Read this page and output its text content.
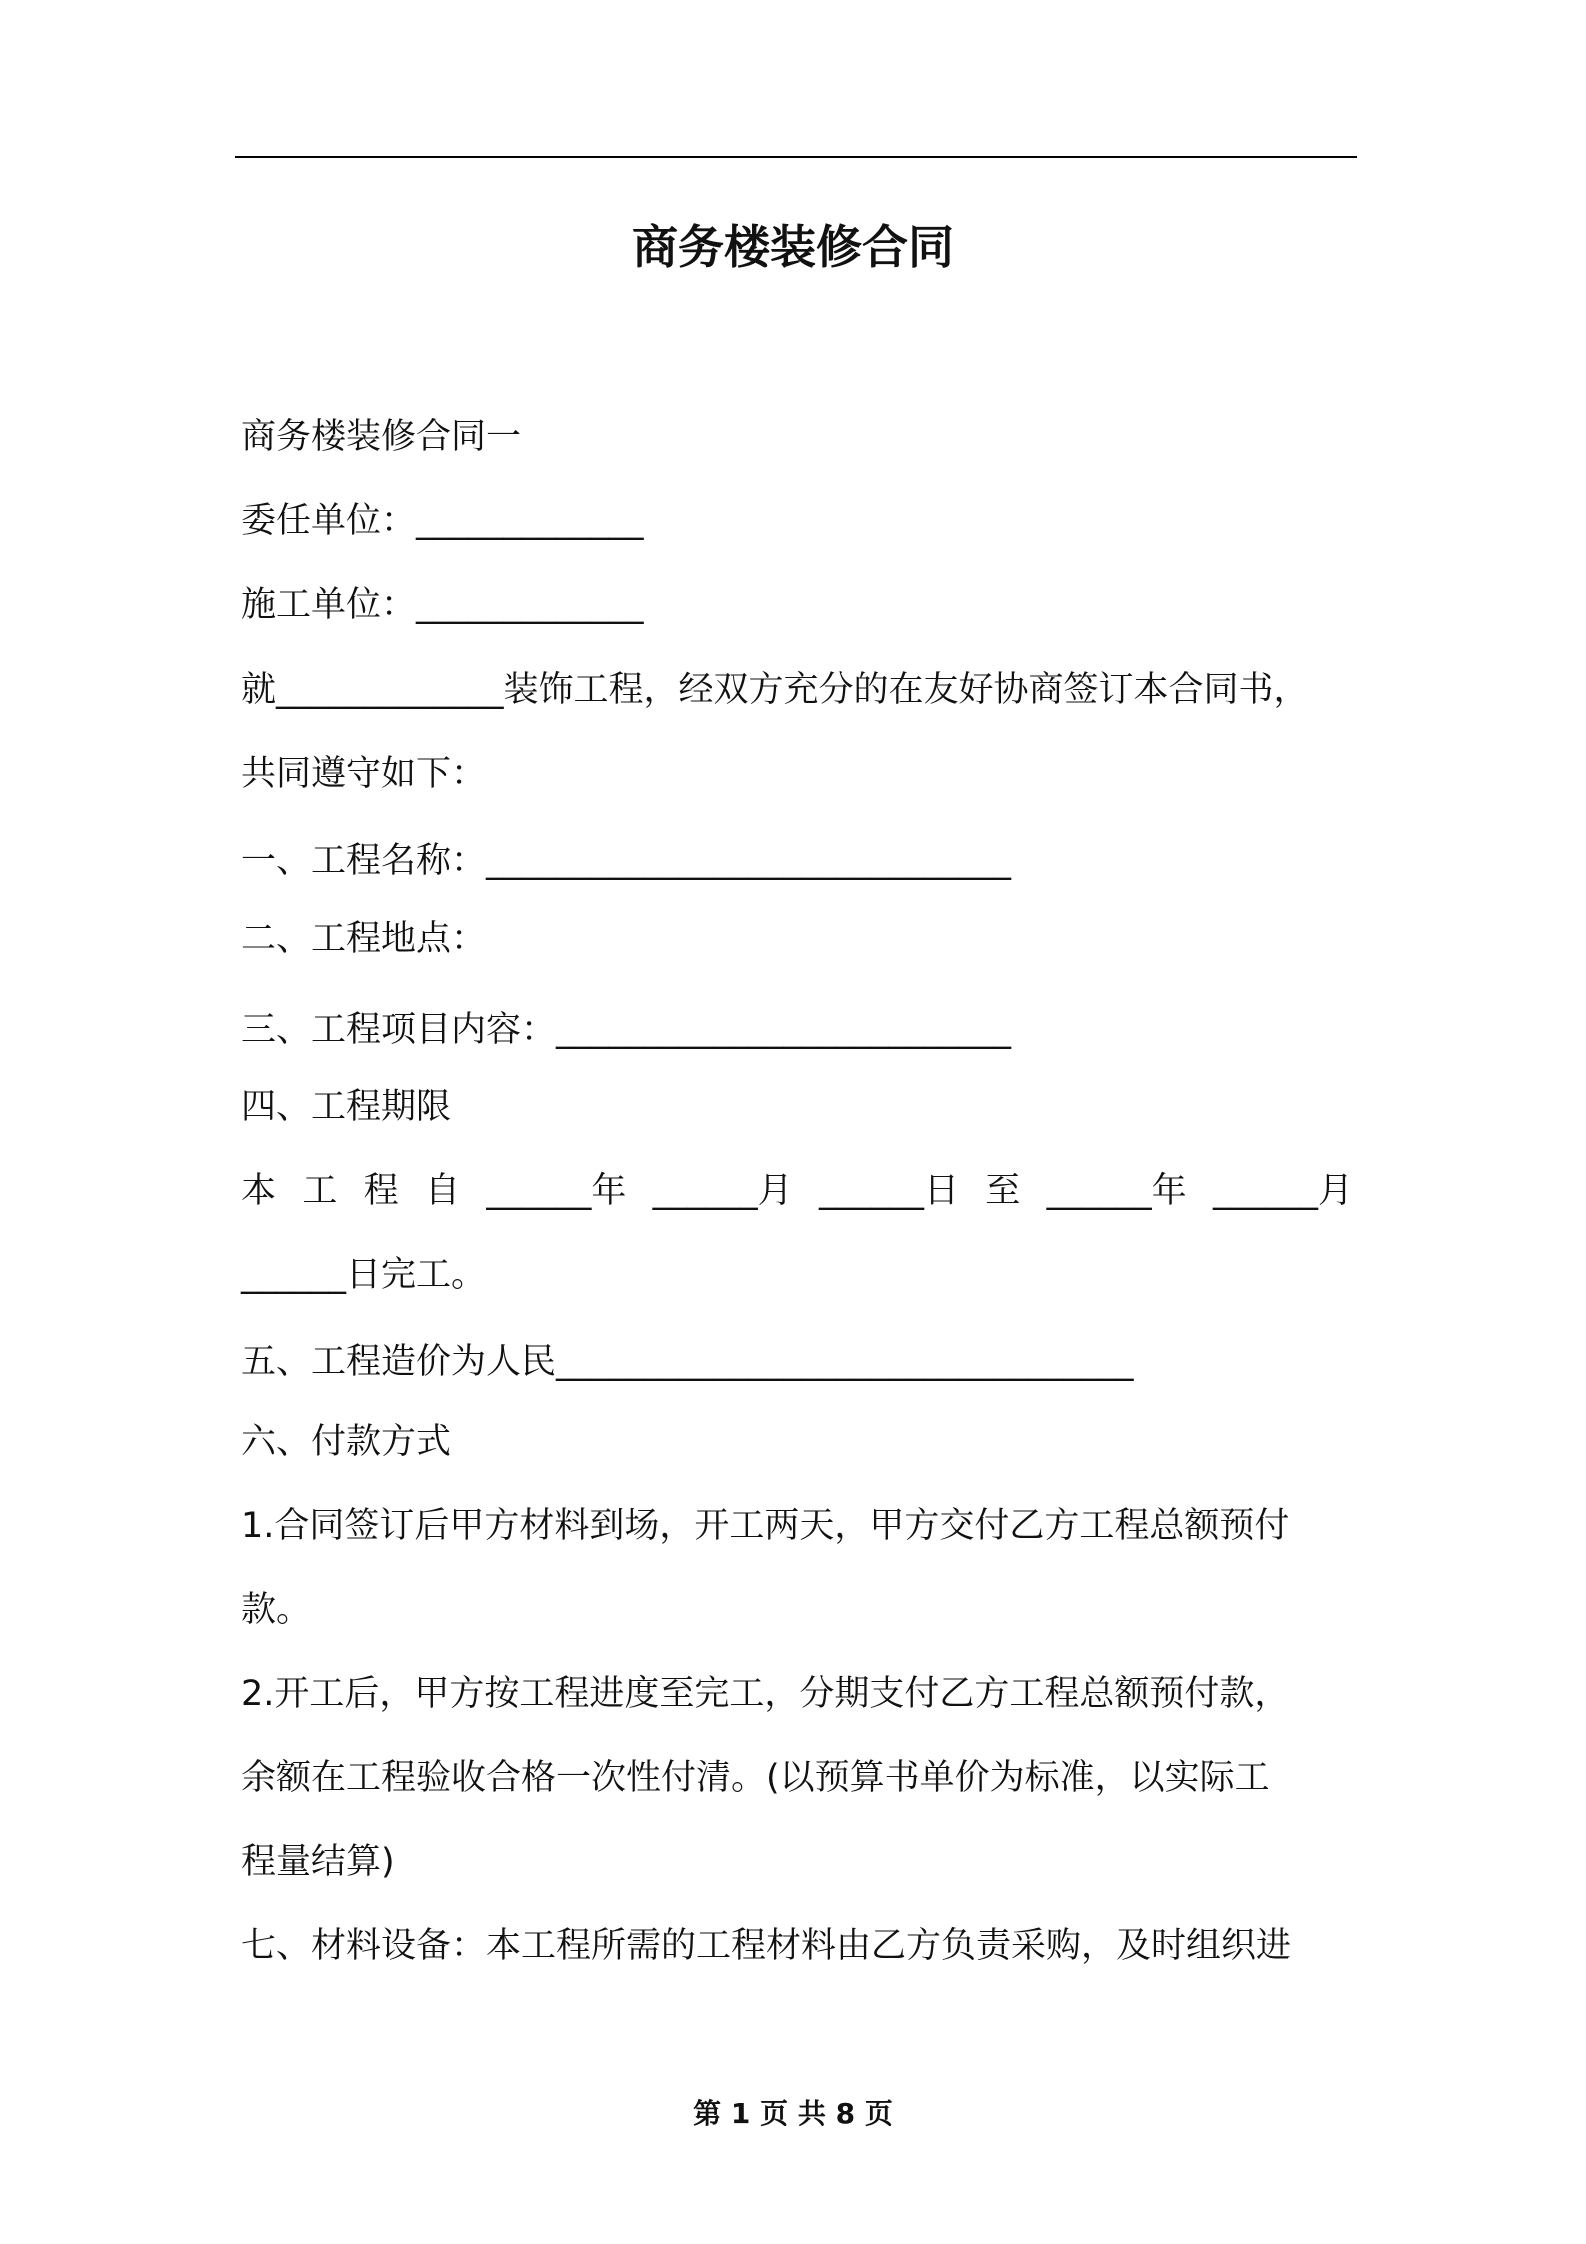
商务楼装修合同
商务楼装修合同一
委任单位：_____________
施工单位：_____________
就_____________装饰工程，经双方充分的在友好协商签订本合同书，
共同遵守如下：
一、工程名称：______________________________
二、工程地点：
三、工程项目内容：__________________________
四、工程期限
本 工 程 自 ______年 ______月 ______日 至 ______年 ______月
______日完工。
五、工程造价为人民_________________________________
六、付款方式
1.合同签订后甲方材料到场，开工两天，甲方交付乙方工程总额预付
款。
2.开工后，甲方按工程进度至完工，分期支付乙方工程总额预付款，
余额在工程验收合格一次性付清。(以预算书单价为标准，以实际工
程量结算)
七、材料设备：本工程所需的工程材料由乙方负责采购，及时组织进
第 1 页 共 8 页
